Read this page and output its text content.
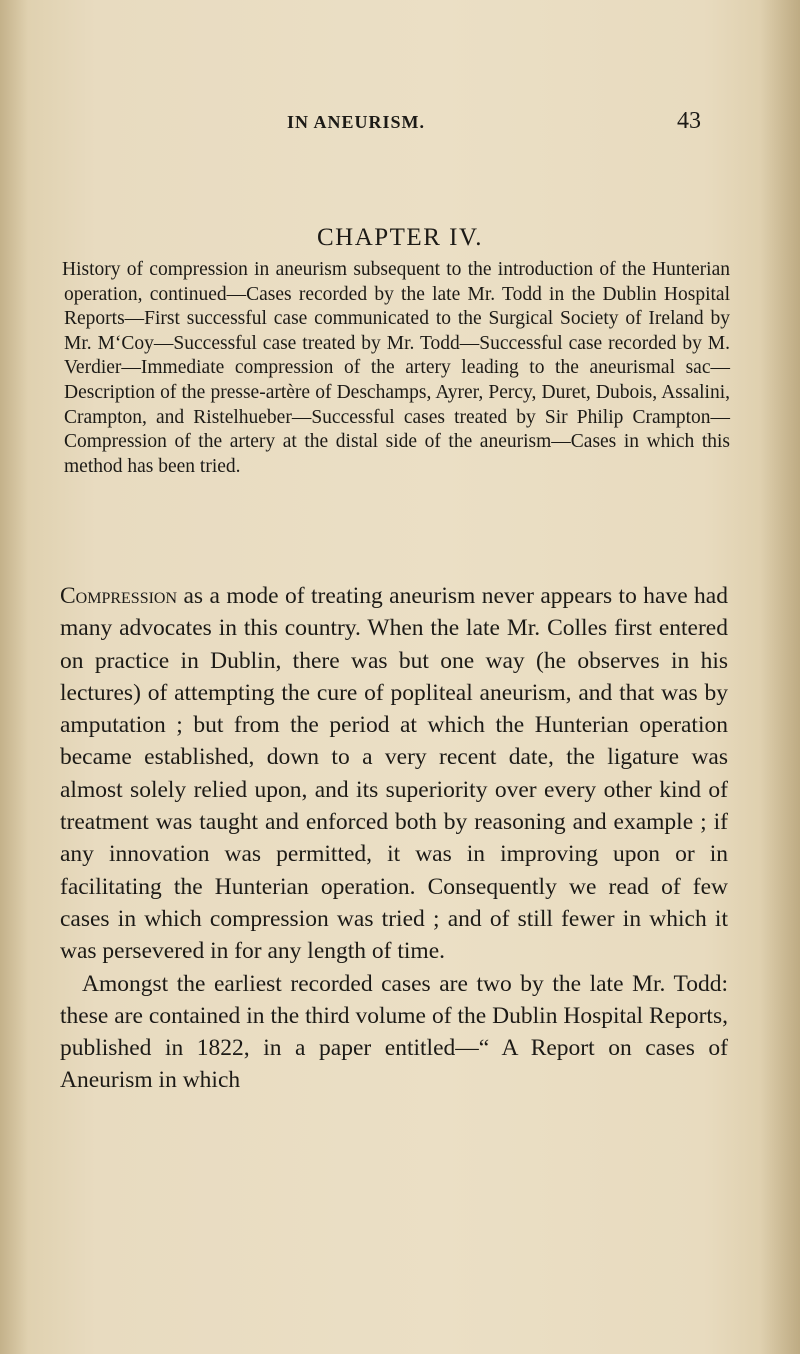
IN ANEURISM.	43
CHAPTER IV.

History of compression in aneurism subsequent to the introduction of the Hunterian operation, continued—Cases recorded by the late Mr. Todd in the Dublin Hospital Reports—First successful case communicated to the Surgical Society of Ireland by Mr. M‘Coy—Successful case treated by Mr. Todd—Successful case recorded by M. Verdier—Immediate compression of the artery leading to the aneurismal sac—Description of the presse-artère of Deschamps, Ayrer, Percy, Duret, Dubois, Assalini, Crampton, and Ristelhueber—Successful cases treated by Sir Philip Crampton—Compression of the artery at the distal side of the aneurism—Cases in which this method has been tried.

Compression as a mode of treating aneurism never appears to have had many advocates in this country. When the late Mr. Colles first entered on practice in Dublin, there was but one way (he observes in his lectures) of attempting the cure of popliteal aneurism, and that was by amputation ; but from the period at which the Hunterian operation became established, down to a very recent date, the ligature was almost solely relied upon, and its superiority over every other kind of treatment was taught and enforced both by reasoning and example ; if any innovation was permitted, it was in improving upon or in facilitating the Hunterian operation. Consequently we read of few cases in which compression was tried ; and of still fewer in which it was persevered in for any length of time.

Amongst the earliest recorded cases are two by the late Mr. Todd: these are contained in the third volume of the Dublin Hospital Reports, published in 1822, in a paper entitled—“ A Report on cases of Aneurism in which
